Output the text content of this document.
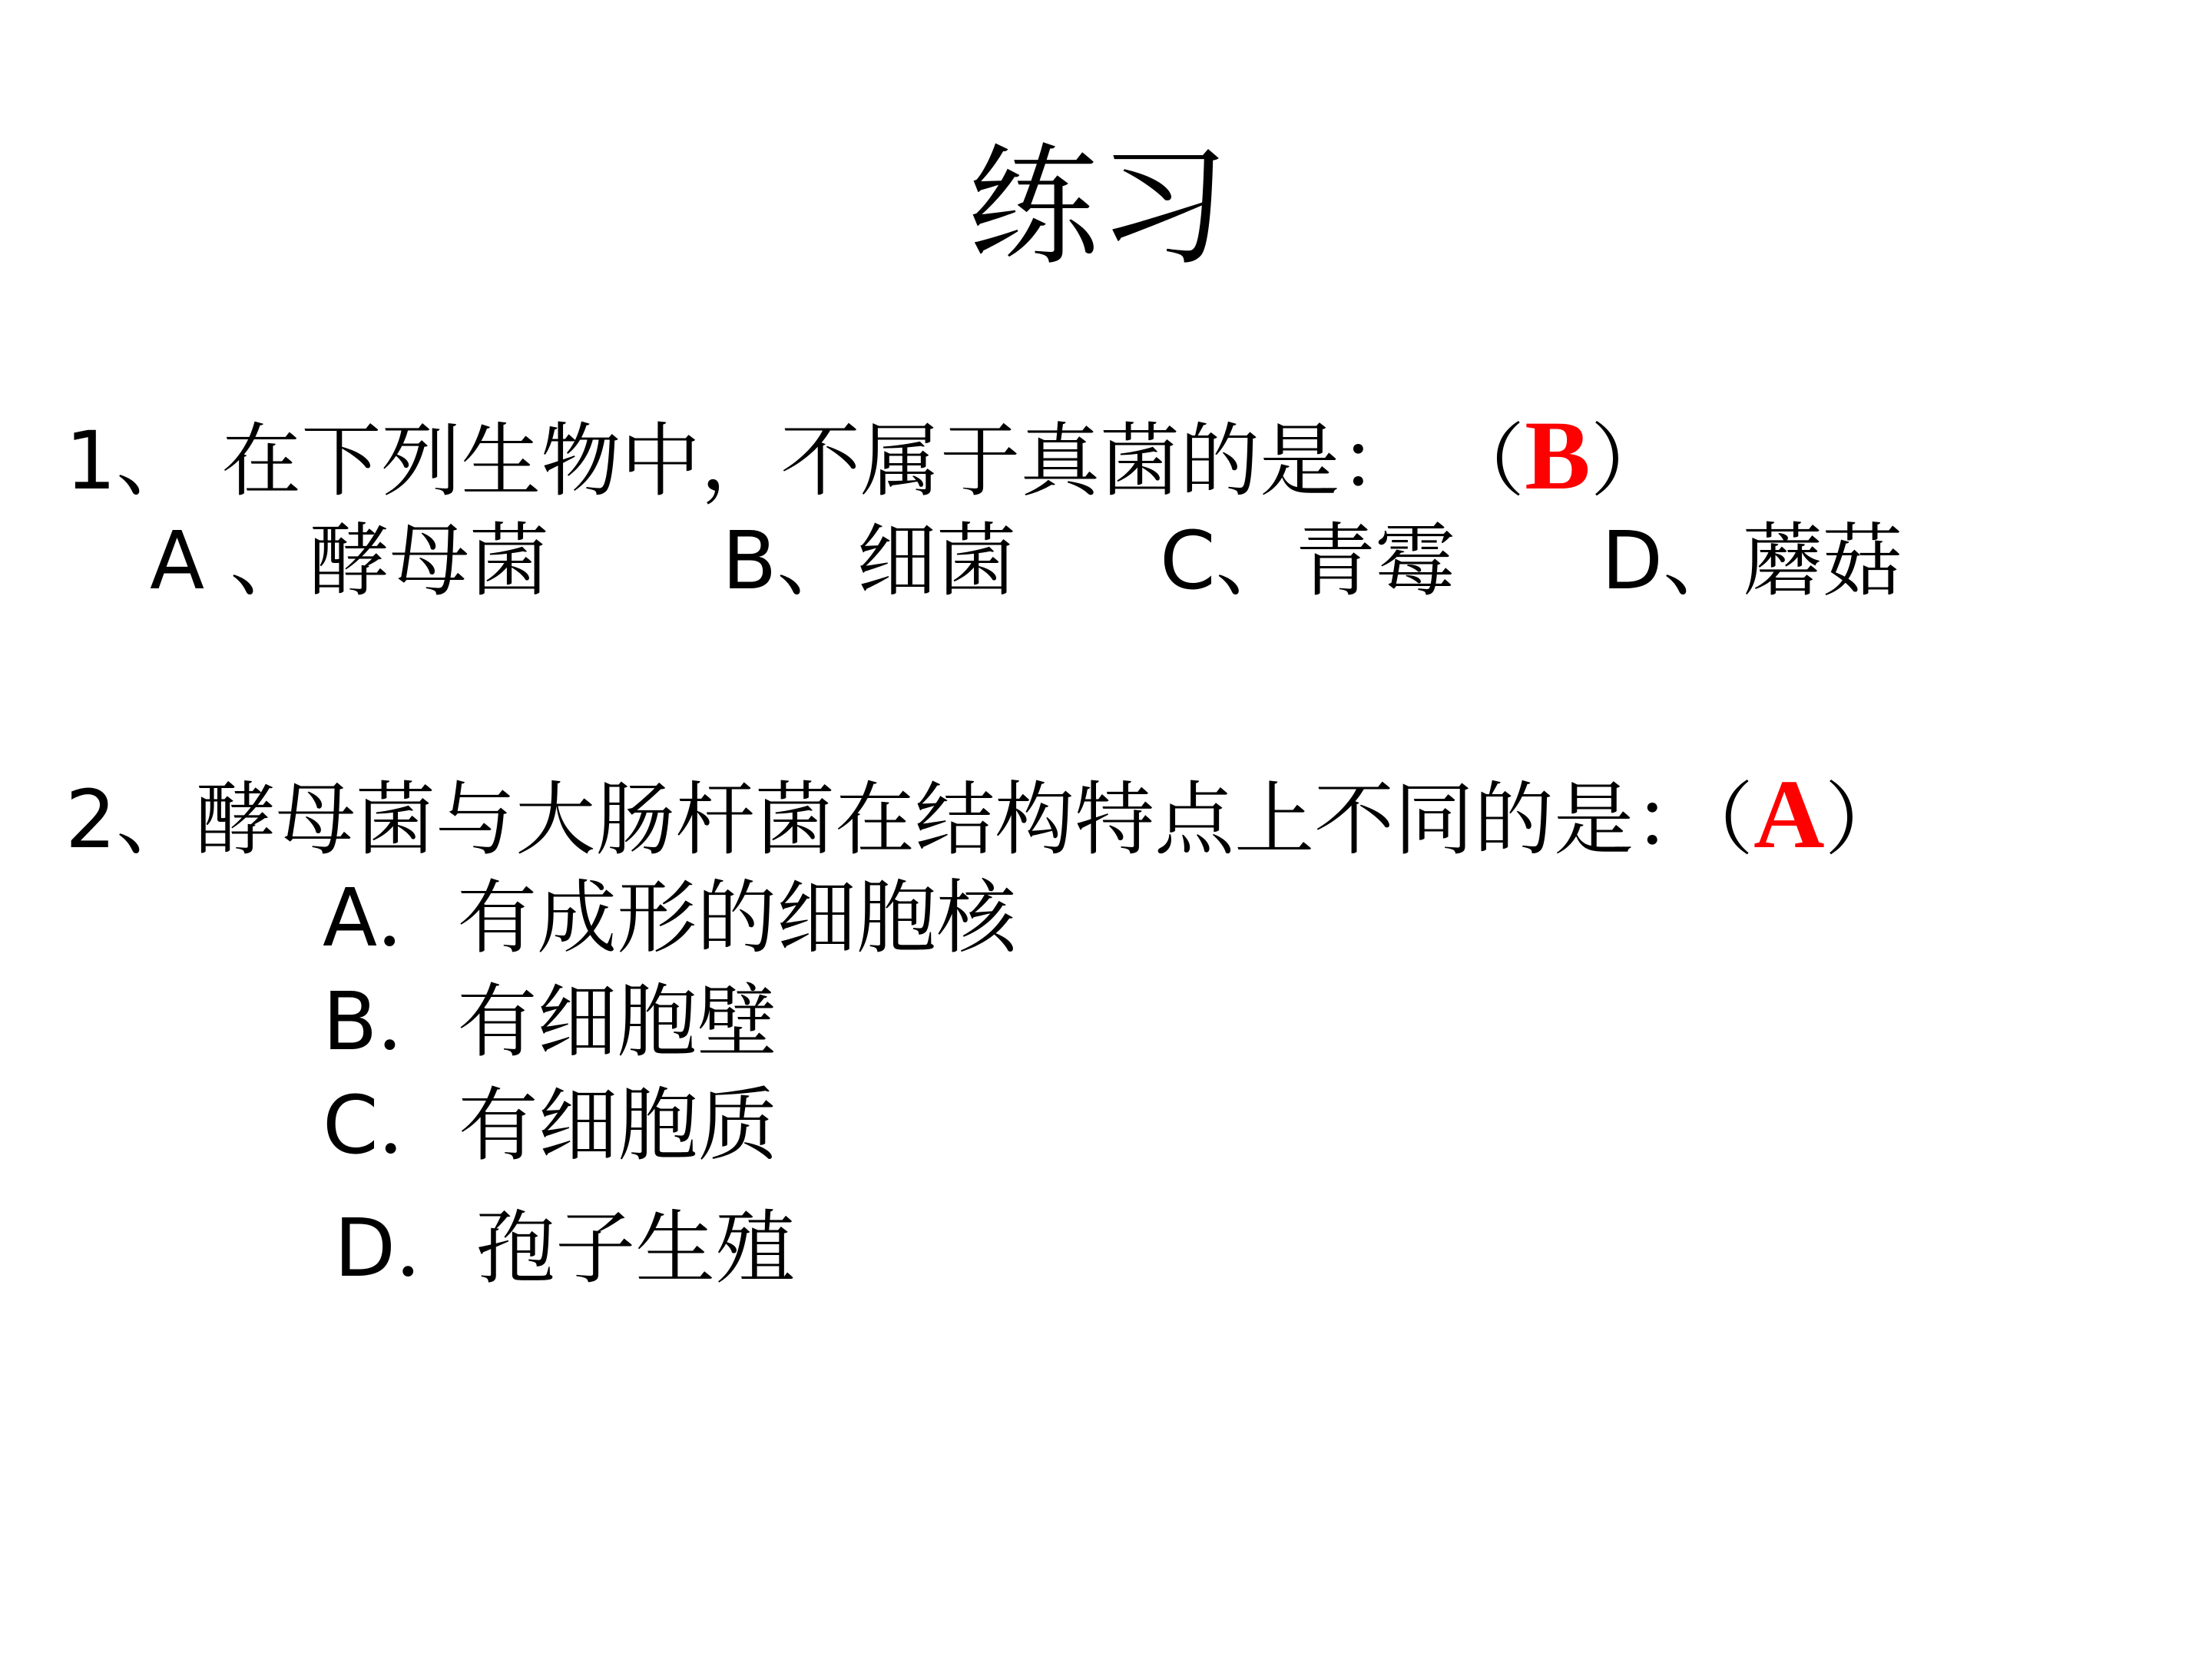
练习
1、 在下列生物中，不属于真菌的是： （B）
A 、酵母菌 B、细菌 C、青霉 D、蘑菇
2、酵母菌与大肠杆菌在结构特点上不同的是：（A）
A．有成形的细胞核
B．有细胞壁
C．有细胞质
D．孢子生殖
